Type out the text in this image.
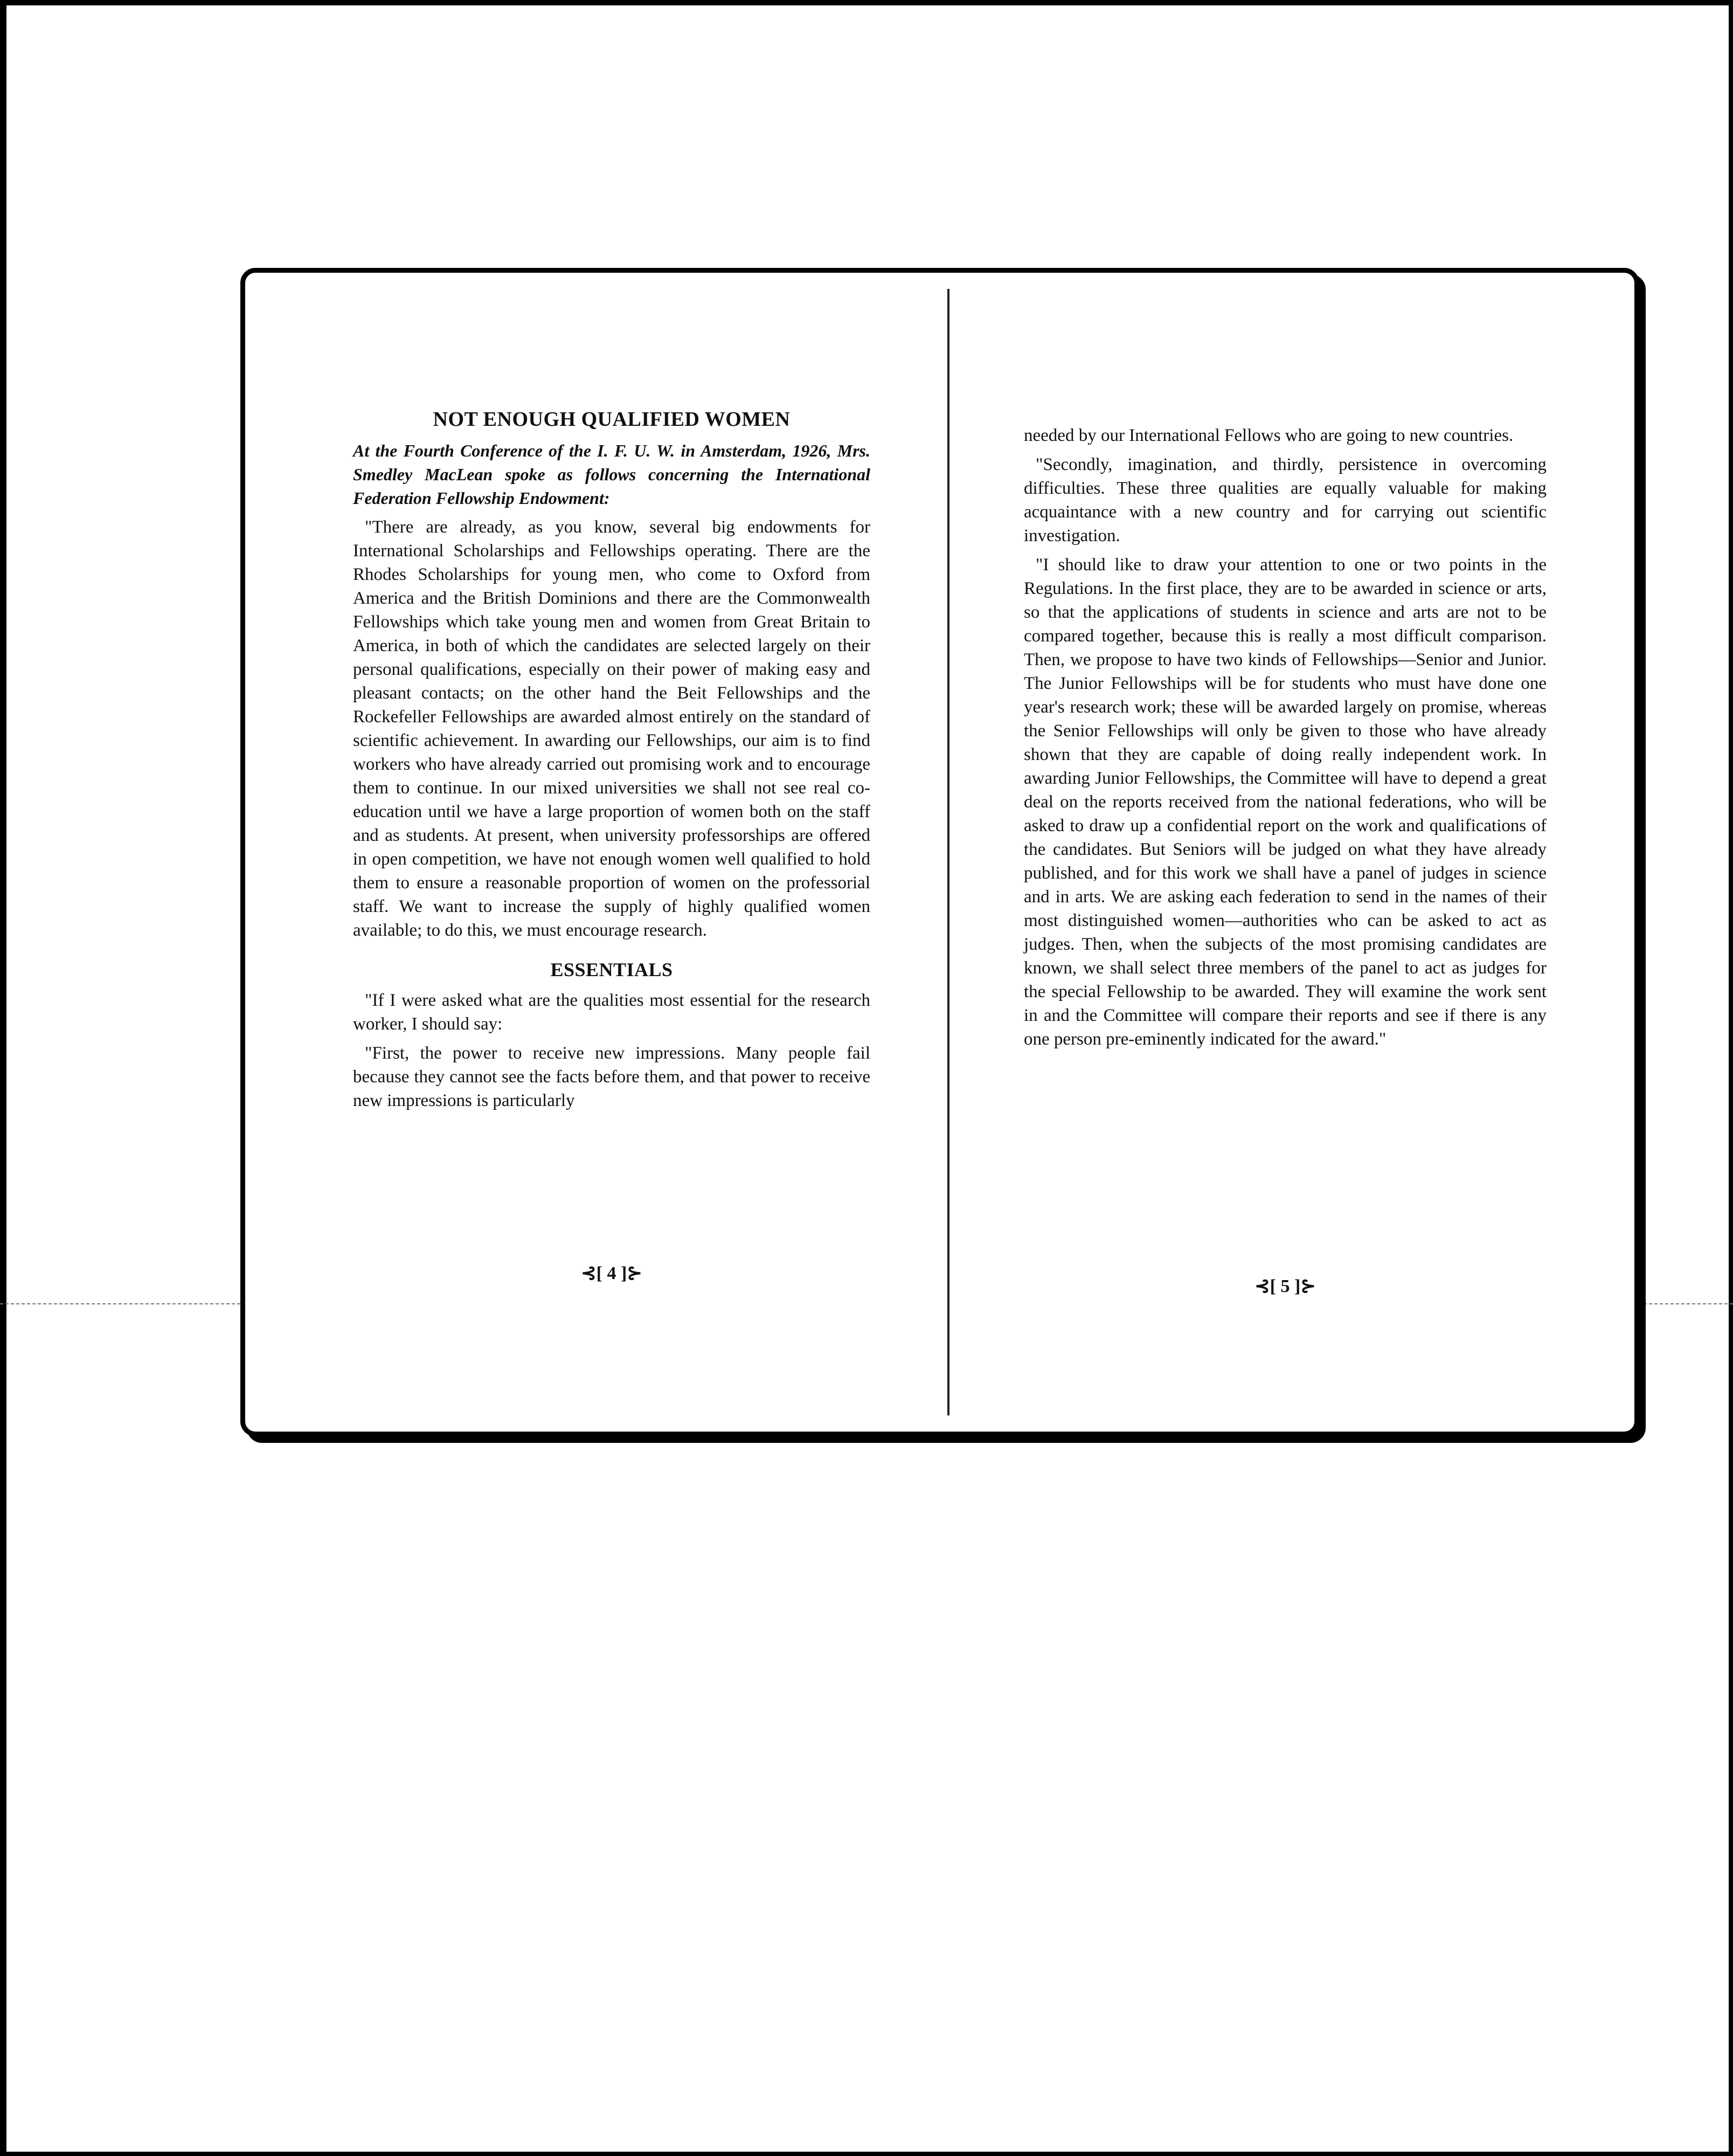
NOT ENOUGH QUALIFIED WOMEN

At the Fourth Conference of the I. F. U. W. in Amsterdam, 1926, Mrs. Smedley MacLean spoke as follows concerning the International Federation Fellowship Endowment:

"There are already, as you know, several big endowments for International Scholarships and Fellowships operating. There are the Rhodes Scholarships for young men, who come to Oxford from America and the British Dominions and there are the Commonwealth Fellowships which take young men and women from Great Britain to America, in both of which the candidates are selected largely on their personal qualifications, especially on their power of making easy and pleasant contacts; on the other hand the Beit Fellowships and the Rockefeller Fellowships are awarded almost entirely on the standard of scientific achievement. In awarding our Fellowships, our aim is to find workers who have already carried out promising work and to encourage them to continue. In our mixed universities we shall not see real co-education until we have a large proportion of women both on the staff and as students. At present, when university professorships are offered in open competition, we have not enough women well qualified to hold them to ensure a reasonable proportion of women on the professorial staff. We want to increase the supply of highly qualified women available; to do this, we must encourage research.

ESSENTIALS

"If I were asked what are the qualities most essential for the research worker, I should say:

"First, the power to receive new impressions. Many people fail because they cannot see the facts before them, and that power to receive new impressions is particularly

⊰[ 4 ]⊱

needed by our International Fellows who are going to new countries.

"Secondly, imagination, and thirdly, persistence in overcoming difficulties. These three qualities are equally valuable for making acquaintance with a new country and for carrying out scientific investigation.

"I should like to draw your attention to one or two points in the Regulations. In the first place, they are to be awarded in science or arts, so that the applications of students in science and arts are not to be compared together, because this is really a most difficult comparison. Then, we propose to have two kinds of Fellowships—Senior and Junior. The Junior Fellowships will be for students who must have done one year's research work; these will be awarded largely on promise, whereas the Senior Fellowships will only be given to those who have already shown that they are capable of doing really independent work. In awarding Junior Fellowships, the Committee will have to depend a great deal on the reports received from the national federations, who will be asked to draw up a confidential report on the work and qualifications of the candidates. But Seniors will be judged on what they have already published, and for this work we shall have a panel of judges in science and in arts. We are asking each federation to send in the names of their most distinguished women—authorities who can be asked to act as judges. Then, when the subjects of the most promising candidates are known, we shall select three members of the panel to act as judges for the special Fellowship to be awarded. They will examine the work sent in and the Committee will compare their reports and see if there is any one person pre-eminently indicated for the award."

⊰[ 5 ]⊱
